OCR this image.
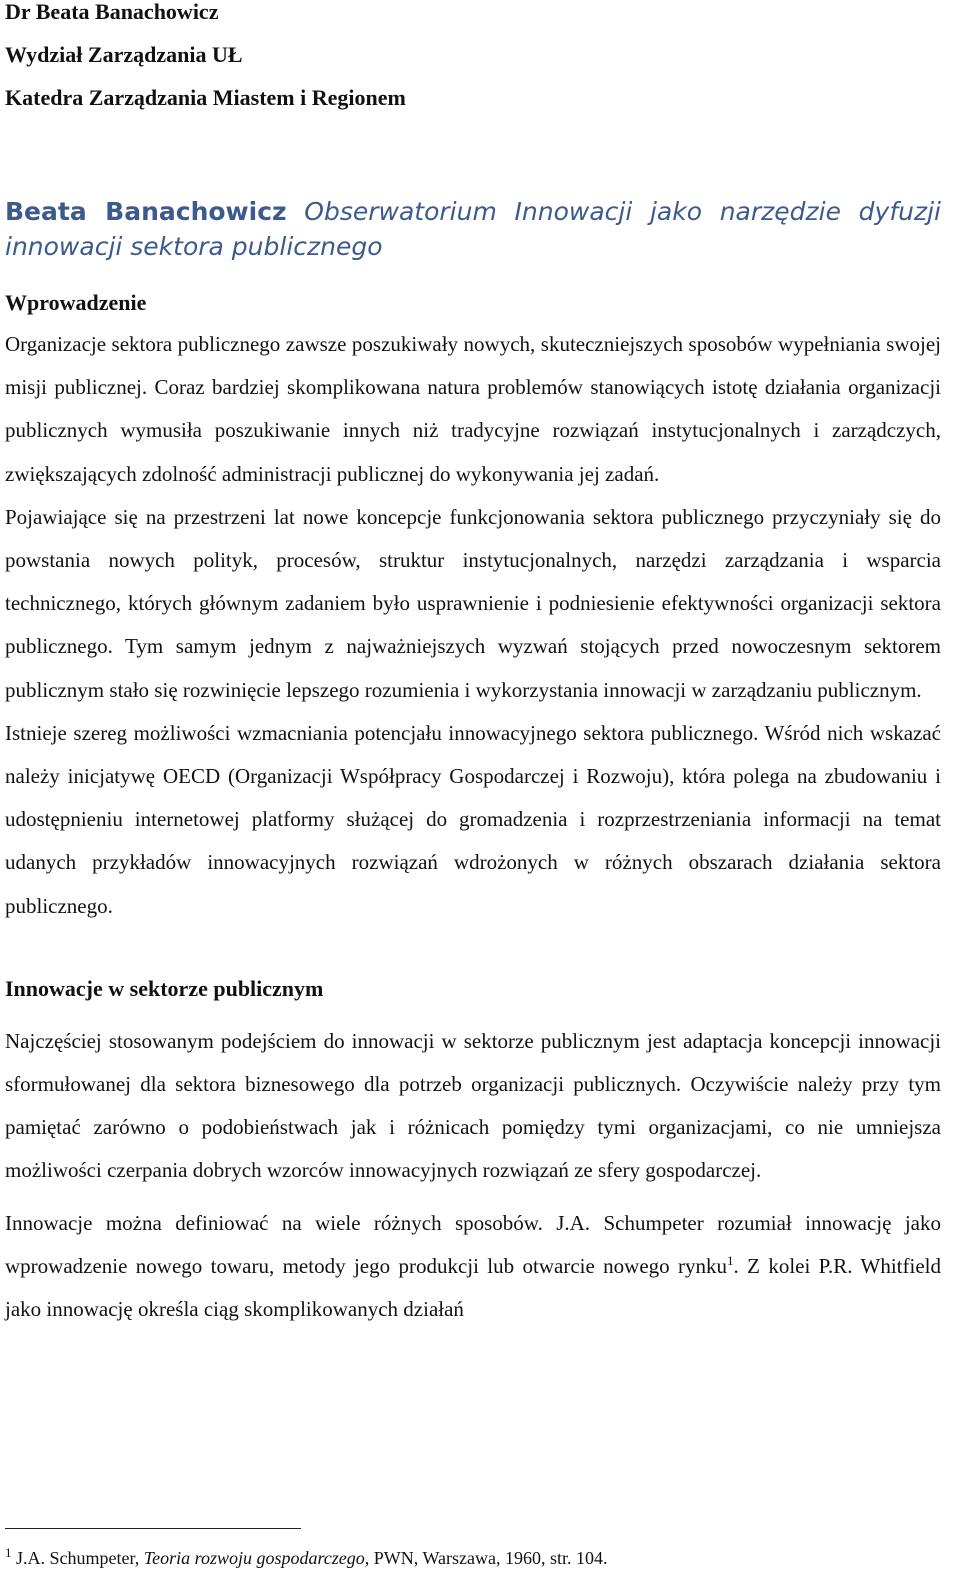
Dr Beata Banachowicz

Wydział Zarządzania UŁ

Katedra Zarządzania Miastem i Regionem

Beata Banachowicz Obserwatorium Innowacji jako narzędzie dyfuzji innowacji sektora publicznego

Wprowadzenie

Organizacje sektora publicznego zawsze poszukiwały nowych, skuteczniejszych sposobów wypełniania swojej misji publicznej. Coraz bardziej skomplikowana natura problemów stanowiących istotę działania organizacji publicznych wymusiła poszukiwanie innych niż tradycyjne rozwiązań instytucjonalnych i zarządczych, zwiększających zdolność administracji publicznej do wykonywania jej zadań.

Pojawiające się na przestrzeni lat nowe koncepcje funkcjonowania sektora publicznego przyczyniały się do powstania nowych polityk, procesów, struktur instytucjonalnych, narzędzi zarządzania i wsparcia technicznego, których głównym zadaniem było usprawnienie i podniesienie efektywności organizacji sektora publicznego. Tym samym jednym z najważniejszych wyzwań stojących przed nowoczesnym sektorem publicznym stało się rozwinięcie lepszego rozumienia i wykorzystania innowacji w zarządzaniu publicznym.

Istnieje szereg możliwości wzmacniania potencjału innowacyjnego sektora publicznego. Wśród nich wskazać należy inicjatywę OECD (Organizacji Współpracy Gospodarczej i Rozwoju), która polega na zbudowaniu i udostępnieniu internetowej platformy służącej do gromadzenia i rozprzestrzeniania informacji na temat udanych przykładów innowacyjnych rozwiązań wdrożonych w różnych obszarach działania sektora publicznego.

Innowacje w sektorze publicznym

Najczęściej stosowanym podejściem do innowacji w sektorze publicznym jest adaptacja koncepcji innowacji sformułowanej dla sektora biznesowego dla potrzeb organizacji publicznych. Oczywiście należy przy tym pamiętać zarówno o podobieństwach jak i różnicach pomiędzy tymi organizacjami, co nie umniejsza możliwości czerpania dobrych wzorców innowacyjnych rozwiązań ze sfery gospodarczej.

Innowacje można definiować na wiele różnych sposobów. J.A. Schumpeter rozumiał innowację jako wprowadzenie nowego towaru, metody jego produkcji lub otwarcie nowego rynku$^1$. Z kolei P.R. Whitfield jako innowację określa ciąg skomplikowanych działań

$^1$ J.A. Schumpeter, Teoria rozwoju gospodarczego, PWN, Warszawa, 1960, str. 104.
